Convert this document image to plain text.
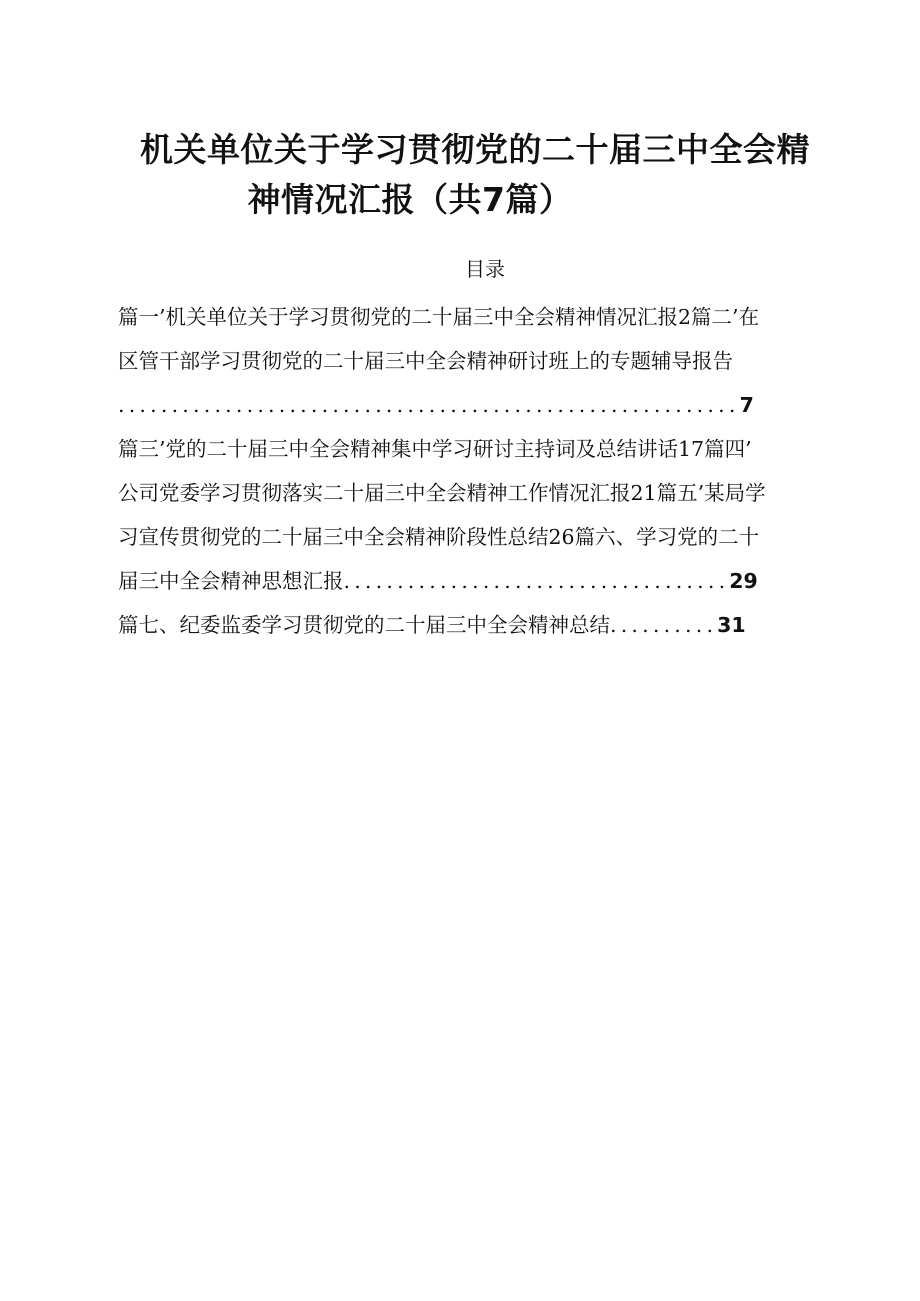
机关单位关于学习贯彻党的二十届三中全会精
神情况汇报（共7篇）
目录
篇一’机关单位关于学习贯彻党的二十届三中全会精神情况汇报2篇二’在
区管干部学习贯彻党的二十届三中全会精神研讨班上的专题辅导报告
..........................................................7
篇三’党的二十届三中全会精神集中学习研讨主持词及总结讲话17篇四’
公司党委学习贯彻落实二十届三中全会精神工作情况汇报21篇五’某局学
习宣传贯彻党的二十届三中全会精神阶段性总结26篇六、学习党的二十
届三中全会精神思想汇报....................................29
篇七、纪委监委学习贯彻党的二十届三中全会精神总结..........31
